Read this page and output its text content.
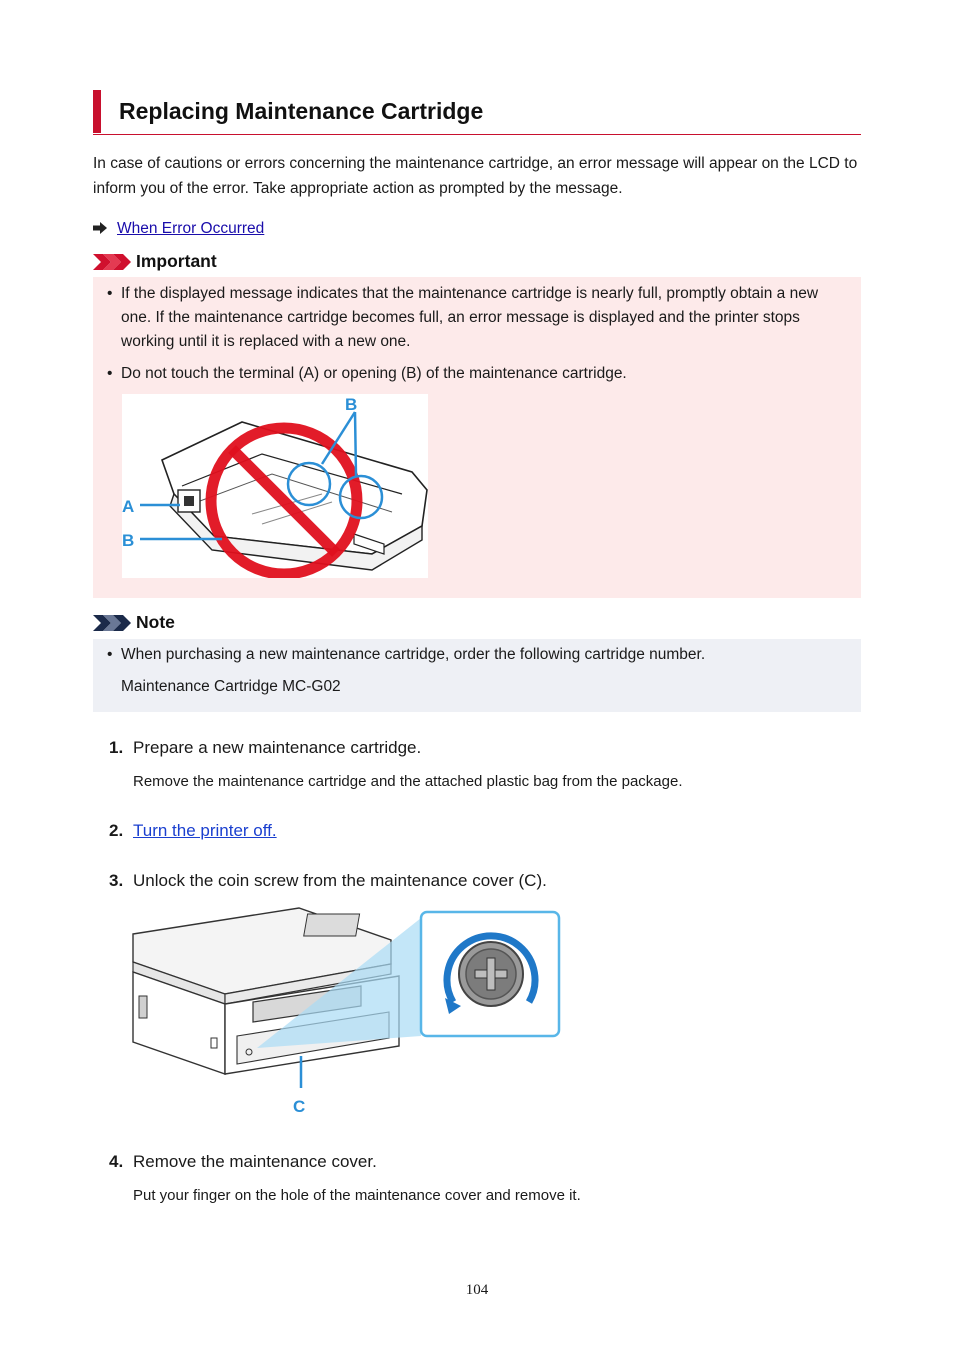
Replacing Maintenance Cartridge

In case of cautions or errors concerning the maintenance cartridge, an error message will appear on the LCD to inform you of the error. Take appropriate action as prompted by the message.

When Error Occurred
Important
• If the displayed message indicates that the maintenance cartridge is nearly full, promptly obtain a new one. If the maintenance cartridge becomes full, an error message is displayed and the printer stops working until it is replaced with a new one.
• Do not touch the terminal (A) or opening (B) of the maintenance cartridge.
B
A
B
Note
• When purchasing a new maintenance cartridge, order the following cartridge number.
Maintenance Cartridge MC-G02
1. Prepare a new maintenance cartridge.
Remove the maintenance cartridge and the attached plastic bag from the package.
2. Turn the printer off.
3. Unlock the coin screw from the maintenance cover (C).
C
4. Remove the maintenance cover.
Put your finger on the hole of the maintenance cover and remove it.
104
